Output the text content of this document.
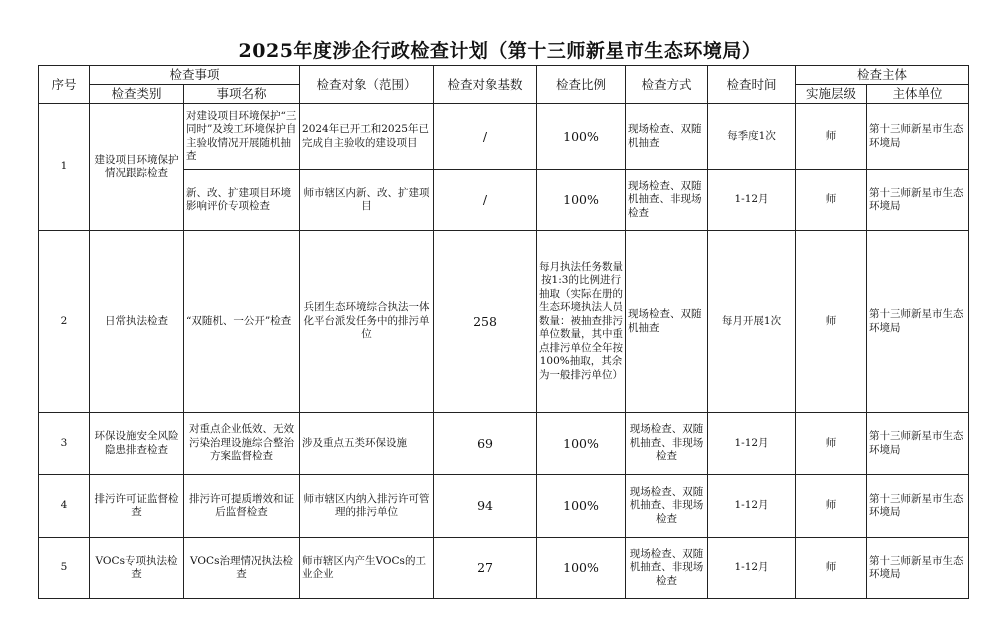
2025年度涉企行政检查计划（第十三师新星市生态环境局）
序号	检查事项		检查对象（范围）	检查对象基数	检查比例	检查方式	检查时间	检查主体	
	检查类别	事项名称						实施层级	主体单位
1	建设项目环境保护情况跟踪检查	对建设项目环境保护“三同时”及竣工环境保护自主验收情况开展随机抽查	2024年已开工和2025年已完成自主验收的建设项目	/	100%	现场检查、双随机抽查	每季度1次	师	第十三师新星市生态环境局
		新、改、扩建项目环境影响评价专项检查	师市辖区内新、改、扩建项目	/	100%	现场检查、双随机抽查、非现场检查	1-12月	师	第十三师新星市生态环境局
2	日常执法检查	“双随机、一公开”检查	兵团生态环境综合执法一体化平台派发任务中的排污单位	258	每月执法任务数量按1:3的比例进行抽取（实际在册的生态环境执法人员数量：被抽查排污单位数量，其中重点排污单位全年按100%抽取，其余为一般排污单位）	现场检查、双随机抽查	每月开展1次	师	第十三师新星市生态环境局
3	环保设施安全风险隐患排查检查	对重点企业低效、无效污染治理设施综合整治方案监督检查	涉及重点五类环保设施	69	100%	现场检查、双随机抽查、非现场检查	1-12月	师	第十三师新星市生态环境局
4	排污许可证监督检查	排污许可提质增效和证后监督检查	师市辖区内纳入排污许可管理的排污单位	94	100%	现场检查、双随机抽查、非现场检查	1-12月	师	第十三师新星市生态环境局
5	VOCs专项执法检查	VOCs治理情况执法检查	师市辖区内产生VOCs的工业企业	27	100%	现场检查、双随机抽查、非现场检查	1-12月	师	第十三师新星市生态环境局
